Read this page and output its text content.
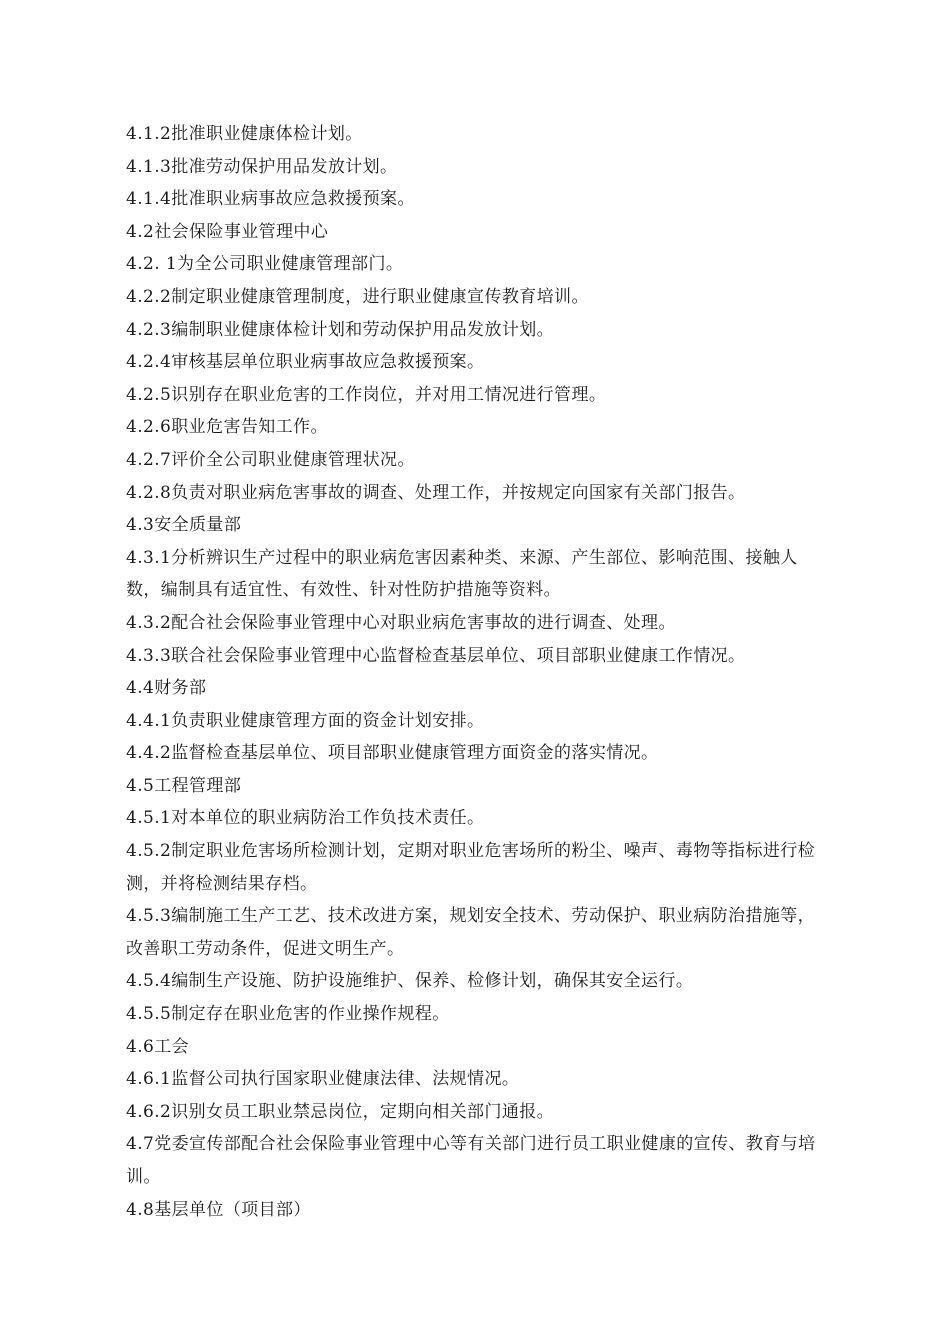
4.1.2批准职业健康体检计划。

4.1.3批准劳动保护用品发放计划。

4.1.4批准职业病事故应急救援预案。

4.2社会保险事业管理中心

4.2. 1为全公司职业健康管理部门。

4.2.2制定职业健康管理制度，进行职业健康宣传教育培训。

4.2.3编制职业健康体检计划和劳动保护用品发放计划。

4.2.4审核基层单位职业病事故应急救援预案。

4.2.5识别存在职业危害的工作岗位，并对用工情况进行管理。

4.2.6职业危害告知工作。

4.2.7评价全公司职业健康管理状况。

4.2.8负责对职业病危害事故的调查、处理工作，并按规定向国家有关部门报告。

4.3安全质量部

4.3.1分析辨识生产过程中的职业病危害因素种类、来源、产生部位、影响范围、接触人数，编制具有适宜性、有效性、针对性防护措施等资料。

4.3.2配合社会保险事业管理中心对职业病危害事故的进行调查、处理。

4.3.3联合社会保险事业管理中心监督检查基层单位、项目部职业健康工作情况。

4.4财务部

4.4.1负责职业健康管理方面的资金计划安排。

4.4.2监督检查基层单位、项目部职业健康管理方面资金的落实情况。

4.5工程管理部

4.5.1对本单位的职业病防治工作负技术责任。

4.5.2制定职业危害场所检测计划，定期对职业危害场所的粉尘、噪声、毒物等指标进行检测，并将检测结果存档。

4.5.3编制施工生产工艺、技术改进方案，规划安全技术、劳动保护、职业病防治措施等，改善职工劳动条件，促进文明生产。

4.5.4编制生产设施、防护设施维护、保养、检修计划，确保其安全运行。

4.5.5制定存在职业危害的作业操作规程。

4.6工会

4.6.1监督公司执行国家职业健康法律、法规情况。

4.6.2识别女员工职业禁忌岗位，定期向相关部门通报。

4.7党委宣传部配合社会保险事业管理中心等有关部门进行员工职业健康的宣传、教育与培训。

4.8基层单位（项目部）
